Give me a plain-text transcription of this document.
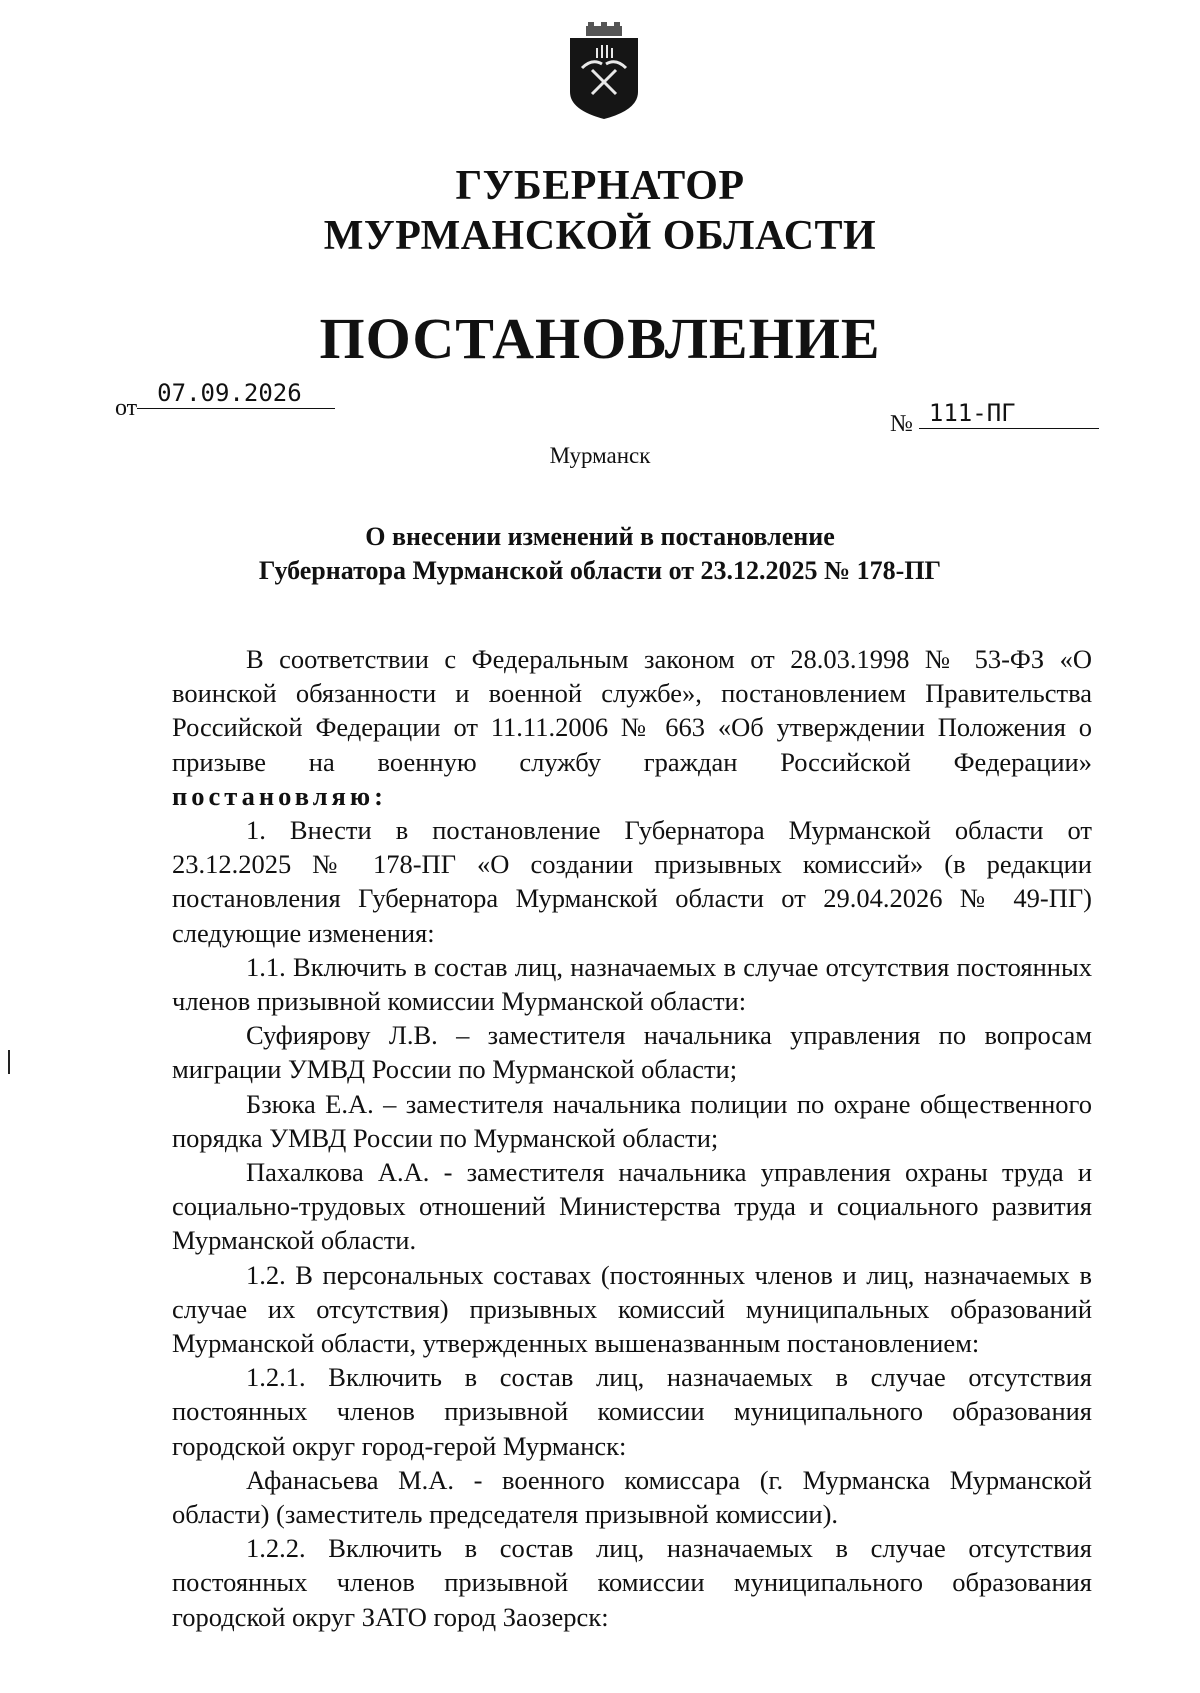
ГУБЕРНАТОР
МУРМАНСКОЙ ОБЛАСТИ
ПОСТАНОВЛЕНИЕ
от07.09.2026
№ 111-ПГ
Мурманск
О внесении изменений в постановление
Губернатора Мурманской области от 23.12.2025 № 178-ПГ

В соответствии с Федеральным законом от 28.03.1998 № 53-ФЗ «О воинской обязанности и военной службе», постановлением Правительства Российской Федерации от 11.11.2006 № 663 «Об утверждении Положения о призыве на военную службу граждан Российской Федерации» постановляю:

1. Внести в постановление Губернатора Мурманской области от 23.12.2025 № 178-ПГ «О создании призывных комиссий» (в редакции постановления Губернатора Мурманской области от 29.04.2026 № 49-ПГ) следующие изменения:

1.1. Включить в состав лиц, назначаемых в случае отсутствия постоянных членов призывной комиссии Мурманской области:

Суфиярову Л.В. – заместителя начальника управления по вопросам миграции УМВД России по Мурманской области;

Бзюка Е.А. – заместителя начальника полиции по охране общественного порядка УМВД России по Мурманской области;

Пахалкова А.А. - заместителя начальника управления охраны труда и социально-трудовых отношений Министерства труда и социального развития Мурманской области.

1.2. В персональных составах (постоянных членов и лиц, назначаемых в случае их отсутствия) призывных комиссий муниципальных образований Мурманской области, утвержденных вышеназванным постановлением:

1.2.1. Включить в состав лиц, назначаемых в случае отсутствия постоянных членов призывной комиссии муниципального образования городской округ город-герой Мурманск:

Афанасьева М.А. - военного комиссара (г. Мурманска Мурманской области) (заместитель председателя призывной комиссии).

1.2.2. Включить в состав лиц, назначаемых в случае отсутствия постоянных членов призывной комиссии муниципального образования городской округ ЗАТО город Заозерск:
